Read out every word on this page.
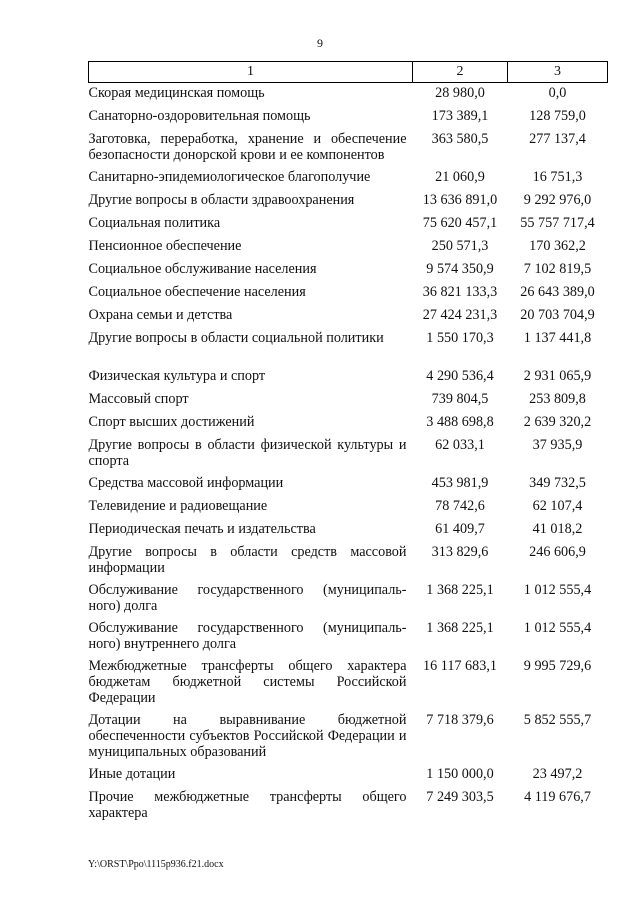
9
1	2	3
Скорая медицинская помощь	28 980,0	0,0
Санаторно-оздоровительная помощь	173 389,1	128 759,0
Заготовка, переработка, хранение и обеспечение безопасности донорской крови и ее компонентов	363 580,5	277 137,4
Санитарно-эпидемиологическое благополучие	21 060,9	16 751,3
Другие вопросы в области здравоохранения	13 636 891,0	9 292 976,0
Социальная политика	75 620 457,1	55 757 717,4
Пенсионное обеспечение	250 571,3	170 362,2
Социальное обслуживание населения	9 574 350,9	7 102 819,5
Социальное обеспечение населения	36 821 133,3	26 643 389,0
Охрана семьи и детства	27 424 231,3	20 703 704,9
Другие вопросы в области социальной политики	1 550 170,3	1 137 441,8
Физическая культура и спорт	4 290 536,4	2 931 065,9
Массовый спорт	739 804,5	253 809,8
Спорт высших достижений	3 488 698,8	2 639 320,2
Другие вопросы в области физической культуры и спорта	62 033,1	37 935,9
Средства массовой информации	453 981,9	349 732,5
Телевидение и радиовещание	78 742,6	62 107,4
Периодическая печать и издательства	61 409,7	41 018,2
Другие вопросы в области средств массовой информации	313 829,6	246 606,9
Обслуживание государственного (муниципаль-ного) долга	1 368 225,1	1 012 555,4
Обслуживание государственного (муниципаль-ного) внутреннего долга	1 368 225,1	1 012 555,4
Межбюджетные трансферты общего характера бюджетам бюджетной системы Российской Федерации	16 117 683,1	9 995 729,6
Дотации на выравнивание бюджетной обеспеченности субъектов Российской Федерации и муниципальных образований	7 718 379,6	5 852 555,7
Иные дотации	1 150 000,0	23 497,2
Прочие межбюджетные трансферты общего характера	7 249 303,5	4 119 676,7
Y:\ORST\Ppo\1115p936.f21.docx
